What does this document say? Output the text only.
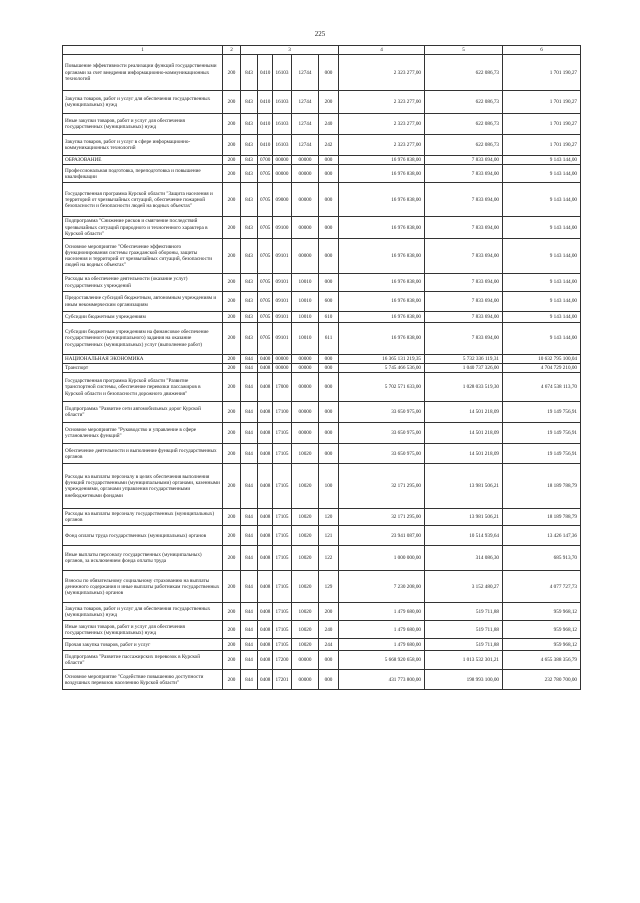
225
1	2	3					4	5	6
Повышение эффективности реализации функций государственными органами за счет внедрения информационно-коммуникационных технологий	200	843	0410	16103	12744	000	2 323 277,00	622 086,73	1 701 190,27
Закупка товаров, работ и услуг для обеспечения государственных (муниципальных) нужд	200	843	0410	16103	12744	200	2 323 277,00	622 086,73	1 701 190,27
Иные закупки товаров, работ и услуг для обеспечения государственных (муниципальных) нужд	200	843	0410	16103	12744	240	2 323 277,00	622 086,73	1 701 190,27
Закупка товаров, работ и услуг в сфере информационно-коммуникационных технологий	200	843	0410	16103	12744	242	2 323 277,00	622 086,73	1 701 190,27
ОБРАЗОВАНИЕ	200	843	0700	00000	00000	000	16 976 838,00	7 833 694,00	9 143 144,00
Профессиональная подготовка, переподготовка и повышение квалификации	200	843	0705	00000	00000	000	16 976 838,00	7 833 694,00	9 143 144,00
Государственная программа Курской области "Защита населения и территорий от чрезвычайных ситуаций, обеспечение пожарной безопасности и безопасности людей на водных объектах"	200	843	0705	09000	00000	000	16 976 838,00	7 833 694,00	9 143 144,00
Подпрограмма "Снижение рисков и смягчение последствий чрезвычайных ситуаций природного и техногенного характера в Курской области"	200	843	0705	09100	00000	000	16 976 838,00	7 833 694,00	9 143 144,00
Основное мероприятие "Обеспечение эффективного функционирования системы гражданской обороны, защиты населения и территорий от чрезвычайных ситуаций, безопасности людей на водных объектах"	200	843	0705	09101	00000	000	16 976 838,00	7 833 694,00	9 143 144,00
Расходы на обеспечение деятельности (оказание услуг) государственных учреждений	200	843	0705	09101	10010	000	16 976 838,00	7 833 694,00	9 143 144,00
Предоставление субсидий бюджетным, автономным учреждениям и иным некоммерческим организациям	200	843	0705	09101	10010	600	16 976 838,00	7 833 694,00	9 143 144,00
Субсидии бюджетным учреждениям	200	843	0705	09101	10010	610	16 976 838,00	7 833 694,00	9 143 144,00
Субсидии бюджетным учреждениям на финансовое обеспечение государственного (муниципального) задания на оказание государственных (муниципальных) услуг (выполнение работ)	200	843	0705	09101	10010	611	16 976 838,00	7 833 694,00	9 143 144,00
НАЦИОНАЛЬНАЯ ЭКОНОМИКА	200	844	0400	00000	00000	000	16 365 131 219,35	5 732 336 119,31	10 632 795 100,04
Транспорт	200	844	0408	00000	00000	000	5 745 466 536,00	1 040 737 326,00	4 704 729 210,00
Государственная программа Курской области "Развитие транспортной системы, обеспечение перевозки пассажиров в Курской области и безопасности дорожного движения"	200	844	0408	17000	00000	000	5 702 571 633,00	1 028 033 519,30	4 674 538 113,70
Подпрограмма "Развитие сети автомобильных дорог Курской области"	200	844	0408	17100	00000	000	33 650 975,00	14 501 218,09	19 149 756,91
Основное мероприятие "Руководство и управление в сфере установленных функций"	200	844	0408	17105	00000	000	33 650 975,00	14 501 218,09	19 149 756,91
Обеспечение деятельности и выполнение функций государственных органов	200	844	0408	17105	10020	000	33 650 975,00	14 501 218,09	19 149 756,91
Расходы на выплаты персоналу в целях обеспечения выполнения функций государственными (муниципальными) органами, казенными учреждениями, органами управления государственными внебюджетными фондами	200	844	0408	17105	10020	100	32 171 295,00	13 981 506,21	18 189 788,79
Расходы на выплаты персоналу государственных (муниципальных) органов	200	844	0408	17105	10020	120	32 171 295,00	13 981 506,21	18 189 788,79
Фонд оплаты труда государственных (муниципальных) органов	200	844	0408	17105	10020	121	23 941 087,00	10 514 939,64	13 426 147,36
Иные выплаты персоналу государственных (муниципальных) органов, за исключением фонда оплаты труда	200	844	0408	17105	10020	122	1 000 000,00	314 086,30	685 913,70
Взносы по обязательному социальному страхованию на выплаты денежного содержания и иные выплаты работникам государственных (муниципальных) органов	200	844	0408	17105	10020	129	7 230 208,00	3 152 480,27	4 077 727,73
Закупка товаров, работ и услуг для обеспечения государственных (муниципальных) нужд	200	844	0408	17105	10020	200	1 479 680,00	519 711,88	959 968,12
Иные закупки товаров, работ и услуг для обеспечения государственных (муниципальных) нужд	200	844	0408	17105	10020	240	1 479 680,00	519 711,88	959 968,12
Прочая закупка товаров, работ и услуг	200	844	0408	17105	10020	244	1 479 680,00	519 711,88	959 968,12
Подпрограмма "Развитие пассажирских перевозок в Курской области"	200	844	0408	17200	00000	000	5 668 920 658,00	1 013 532 301,21	4 655 388 356,79
Основное мероприятие "Содействие повышению доступности воздушных перевозок населению Курской области"	200	844	0408	17201	00000	000	431 773 800,00	198 993 100,00	232 780 700,00
